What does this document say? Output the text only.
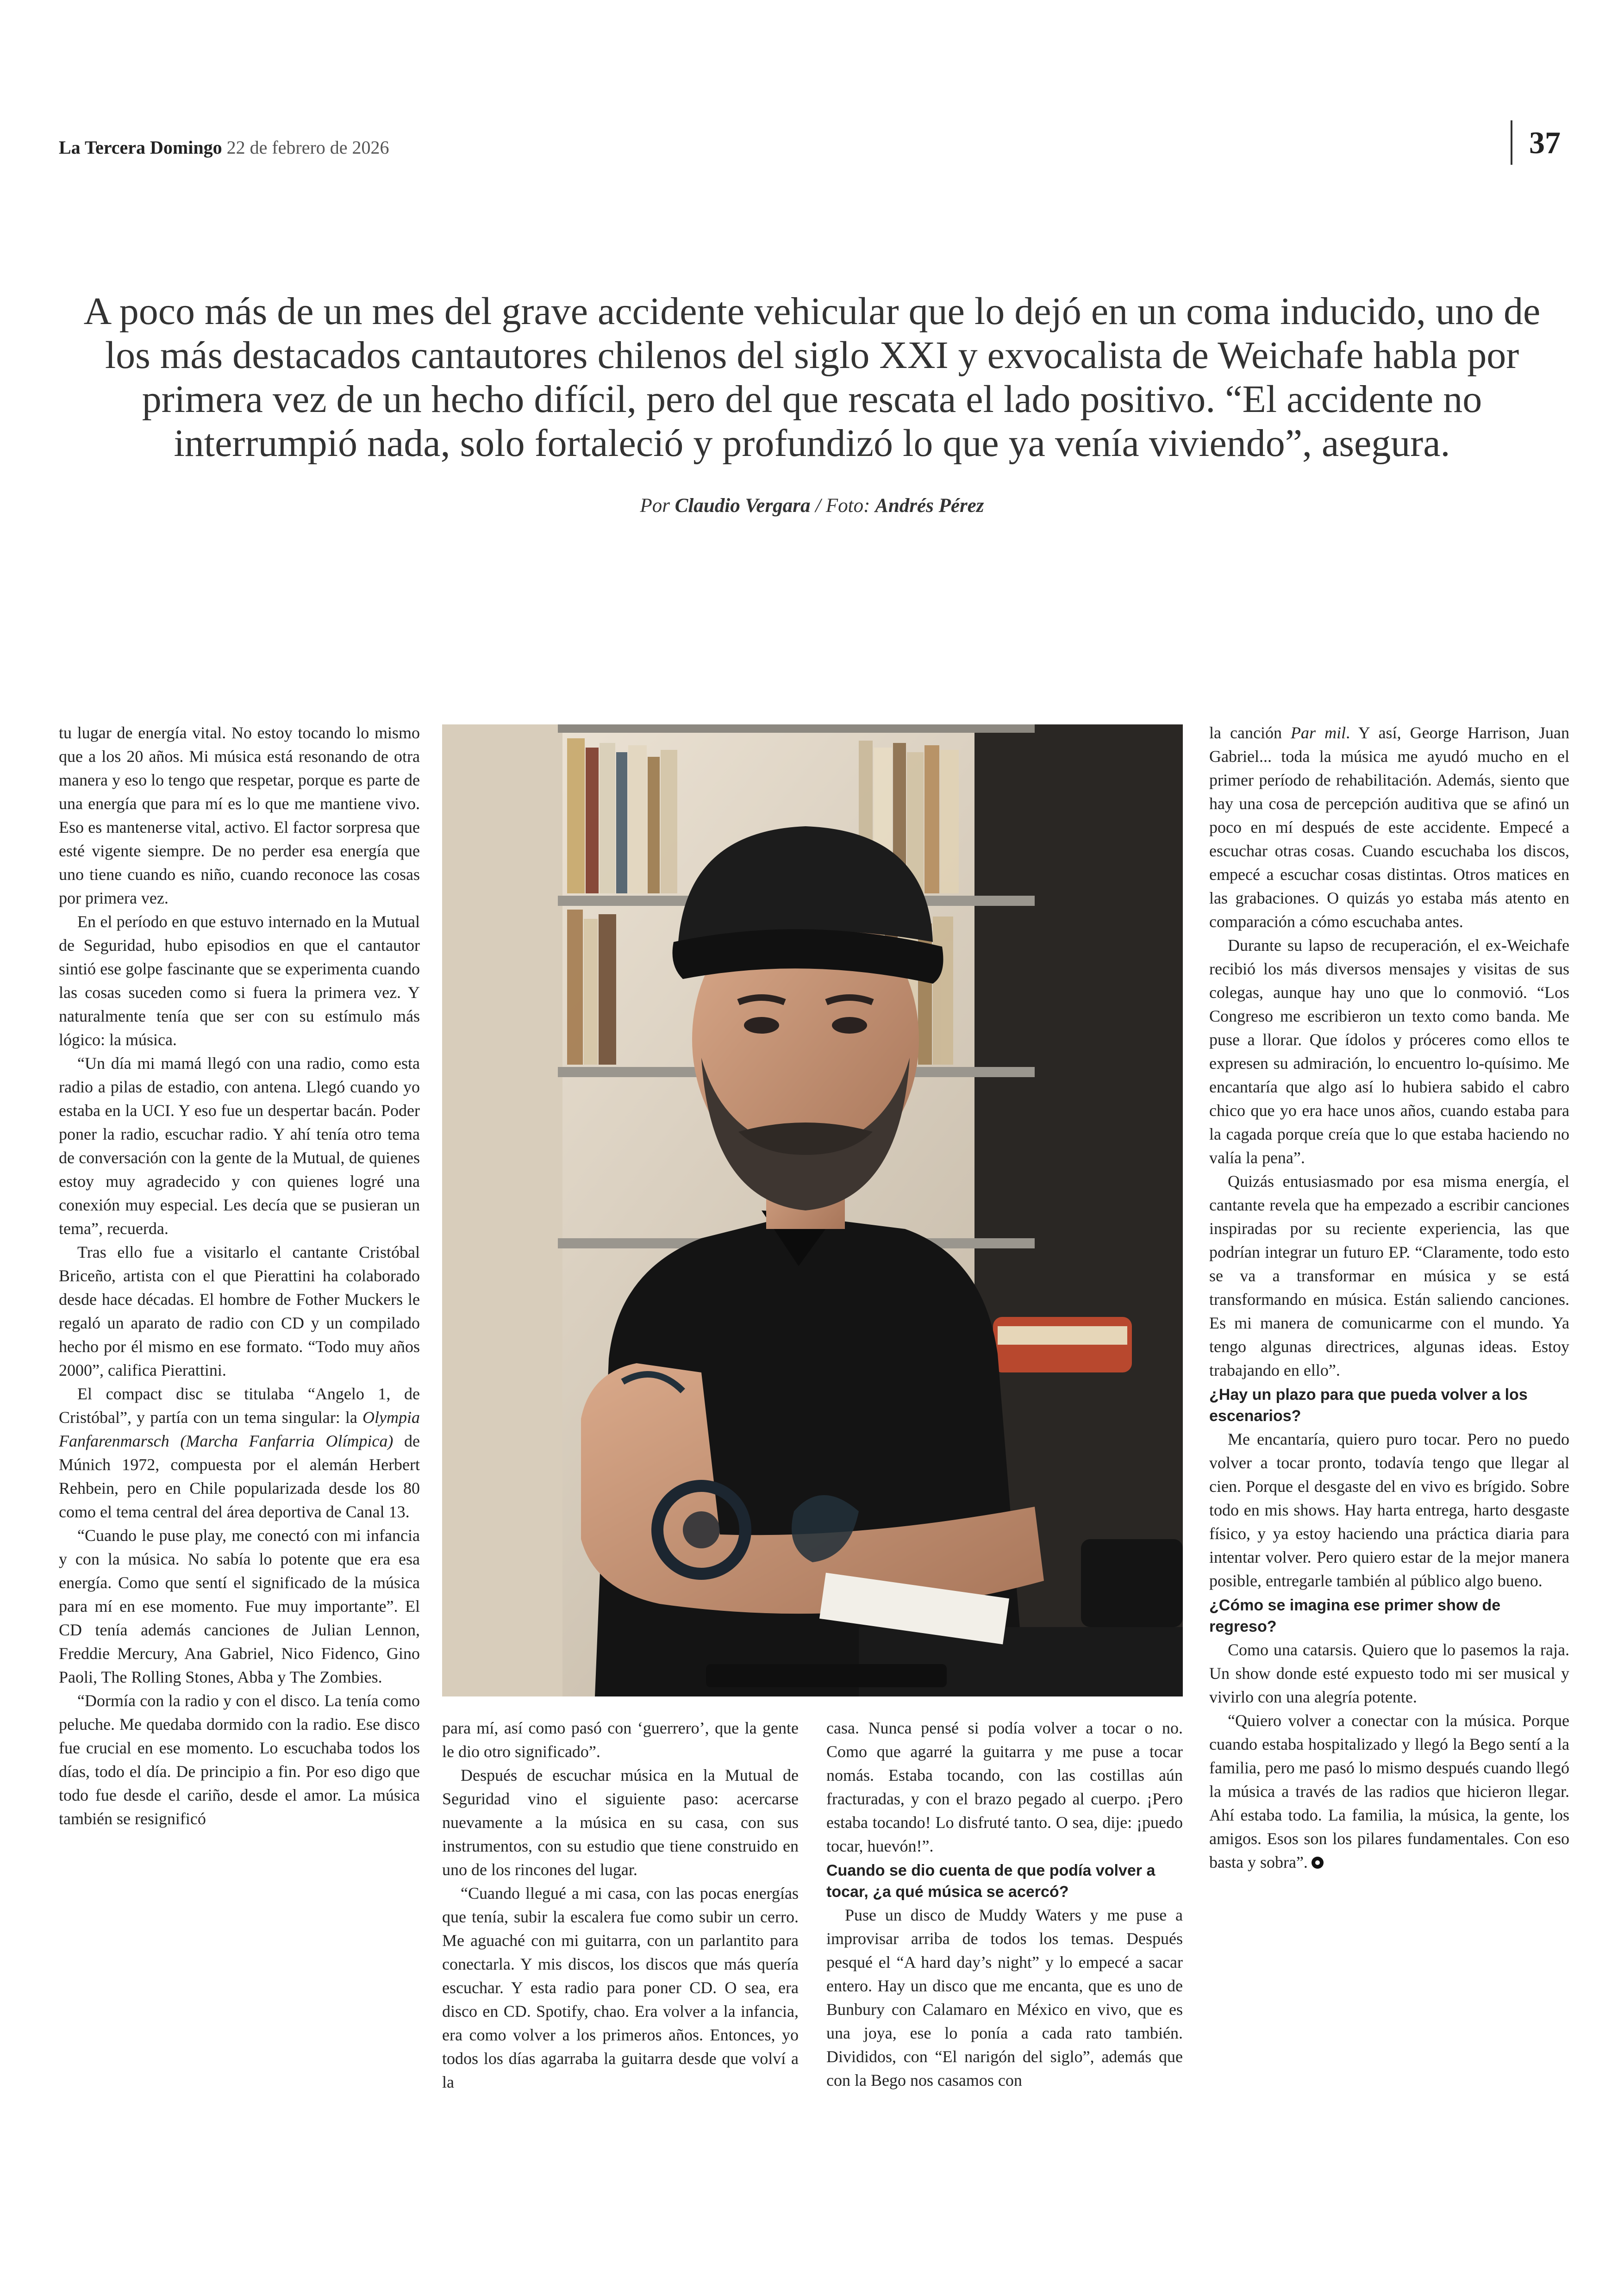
La Tercera Domingo 22 de febrero de 2026	37

A poco más de un mes del grave accidente vehicular que lo dejó en un coma inducido, uno de los más destacados cantautores chilenos del siglo XXI y exvocalista de Weichafe habla por primera vez de un hecho difícil, pero del que rescata el lado positivo. “El accidente no interrumpió nada, solo fortaleció y profundizó lo que ya venía viviendo”, asegura.

Por Claudio Vergara / Foto: Andrés Pérez

tu lugar de energía vital. No estoy tocando lo mismo que a los 20 años. Mi música está resonando de otra manera y eso lo tengo que respetar, porque es parte de una energía que para mí es lo que me mantiene vivo. Eso es mantenerse vital, activo. El factor sorpresa que esté vigente siempre. De no perder esa energía que uno tiene cuando es niño, cuando reconoce las cosas por primera vez.

En el período en que estuvo internado en la Mutual de Seguridad, hubo episodios en que el cantautor sintió ese golpe fascinante que se experimenta cuando las cosas suceden como si fuera la primera vez. Y naturalmente tenía que ser con su estímulo más lógico: la música.

“Un día mi mamá llegó con una radio, como esta radio a pilas de estadio, con antena. Llegó cuando yo estaba en la UCI. Y eso fue un despertar bacán. Poder poner la radio, escuchar radio. Y ahí tenía otro tema de conversación con la gente de la Mutual, de quienes estoy muy agradecido y con quienes logré una conexión muy especial. Les decía que se pusieran un tema”, recuerda.

Tras ello fue a visitarlo el cantante Cristóbal Briceño, artista con el que Pierattini ha colaborado desde hace décadas. El hombre de Fother Muckers le regaló un aparato de radio con CD y un compilado hecho por él mismo en ese formato. “Todo muy años 2000”, califica Pierattini.

El compact disc se titulaba “Angelo 1, de Cristóbal”, y partía con un tema singular: la Olympia Fanfarenmarsch (Marcha Fanfarria Olímpica) de Múnich 1972, compuesta por el alemán Herbert Rehbein, pero en Chile popularizada desde los 80 como el tema central del área deportiva de Canal 13.

“Cuando le puse play, me conectó con mi infancia y con la música. No sabía lo potente que era esa energía. Como que sentí el significado de la música para mí en ese momento. Fue muy importante”. El CD tenía además canciones de Julian Lennon, Freddie Mercury, Ana Gabriel, Nico Fidenco, Gino Paoli, The Rolling Stones, Abba y The Zombies.

“Dormía con la radio y con el disco. La tenía como peluche. Me quedaba dormido con la radio. Ese disco fue crucial en ese momento. Lo escuchaba todos los días, todo el día. De principio a fin. Por eso digo que todo fue desde el cariño, desde el amor. La música también se resignificó

para mí, así como pasó con ‘guerrero’, que la gente le dio otro significado”.

Después de escuchar música en la Mutual de Seguridad vino el siguiente paso: acercarse nuevamente a la música en su casa, con sus instrumentos, con su estudio que tiene construido en uno de los rincones del lugar.

“Cuando llegué a mi casa, con las pocas energías que tenía, subir la escalera fue como subir un cerro. Me aguaché con mi guitarra, con un parlantito para conectarla. Y mis discos, los discos que más quería escuchar. Y esta radio para poner CD. O sea, era disco en CD. Spotify, chao. Era volver a la infancia, era como volver a los primeros años. Entonces, yo todos los días agarraba la guitarra desde que volví a la

casa. Nunca pensé si podía volver a tocar o no. Como que agarré la guitarra y me puse a tocar nomás. Estaba tocando, con las costillas aún fracturadas, y con el brazo pegado al cuerpo. ¡Pero estaba tocando! Lo disfruté tanto. O sea, dije: ¡puedo tocar, huevón!”.

Cuando se dio cuenta de que podía volver a tocar, ¿a qué música se acercó?

Puse un disco de Muddy Waters y me puse a improvisar arriba de todos los temas. Después pesqué el “A hard day’s night” y lo empecé a sacar entero. Hay un disco que me encanta, que es uno de Bunbury con Calamaro en México en vivo, que es una joya, ese lo ponía a cada rato también. Divididos, con “El narigón del siglo”, además que con la Bego nos casamos con

la canción Par mil. Y así, George Harrison, Juan Gabriel... toda la música me ayudó mucho en el primer período de rehabilitación. Además, siento que hay una cosa de percepción auditiva que se afinó un poco en mí después de este accidente. Empecé a escuchar otras cosas. Cuando escuchaba los discos, empecé a escuchar cosas distintas. Otros matices en las grabaciones. O quizás yo estaba más atento en comparación a cómo escuchaba antes.

Durante su lapso de recuperación, el ex-Weichafe recibió los más diversos mensajes y visitas de sus colegas, aunque hay uno que lo conmovió. “Los Congreso me escribieron un texto como banda. Me puse a llorar. Que ídolos y próceres como ellos te expresen su admiración, lo encuentro lo-quísimo. Me encantaría que algo así lo hubiera sabido el cabro chico que yo era hace unos años, cuando estaba para la cagada porque creía que lo que estaba haciendo no valía la pena”.

Quizás entusiasmado por esa misma energía, el cantante revela que ha empezado a escribir canciones inspiradas por su reciente experiencia, las que podrían integrar un futuro EP. “Claramente, todo esto se va a transformar en música y se está transformando en música. Están saliendo canciones. Es mi manera de comunicarme con el mundo. Ya tengo algunas directrices, algunas ideas. Estoy trabajando en ello”.

¿Hay un plazo para que pueda volver a los escenarios?

Me encantaría, quiero puro tocar. Pero no puedo volver a tocar pronto, todavía tengo que llegar al cien. Porque el desgaste del en vivo es brígido. Sobre todo en mis shows. Hay harta entrega, harto desgaste físico, y ya estoy haciendo una práctica diaria para intentar volver. Pero quiero estar de la mejor manera posible, entregarle también al público algo bueno.

¿Cómo se imagina ese primer show de regreso?

Como una catarsis. Quiero que lo pasemos la raja. Un show donde esté expuesto todo mi ser musical y vivirlo con una alegría potente.

“Quiero volver a conectar con la música. Porque cuando estaba hospitalizado y llegó la Bego sentí a la familia, pero me pasó lo mismo después cuando llegó la música a través de las radios que hicieron llegar. Ahí estaba todo. La familia, la música, la gente, los amigos. Esos son los pilares fundamentales. Con eso basta y sobra”.
